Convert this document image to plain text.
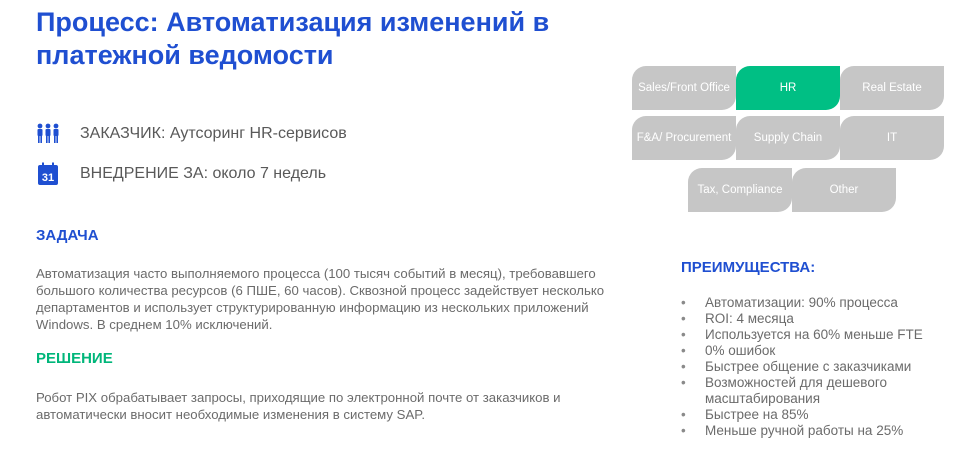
Процесс: Автоматизация изменений в платежной ведомости
ЗАКАЗЧИК: Аутсоринг HR-сервисов
31 ВНЕДРЕНИЕ ЗА: около 7 недель
ЗАДАЧА

Автоматизация часто выполняемого процесса (100 тысяч событий в месяц), требовавшего большого количества ресурсов (6 ПШЕ, 60 часов). Сквозной процесс задействует несколько департаментов и использует структурированную информацию из нескольких приложений Windows. В среднем 10% исключений.

РЕШЕНИЕ

Робот PIX обрабатывает запросы, приходящие по электронной почте от заказчиков и автоматически вносит необходимые изменения в систему SAP.

Sales/Front Office	HR	Real Estate
F&A/ Procurement Supply Chain	IT
Tax, Compliance	Other
ПРЕИМУЩЕСТВА:
• Автоматизации: 90% процесса
• ROI: 4 месяца
• Используется на 60% меньше FTE
• 0% ошибок
• Быстрее общение с заказчиками
• Возможностей для дешевого масштабирования
• Быстрее на 85%
• Меньше ручной работы на 25%
